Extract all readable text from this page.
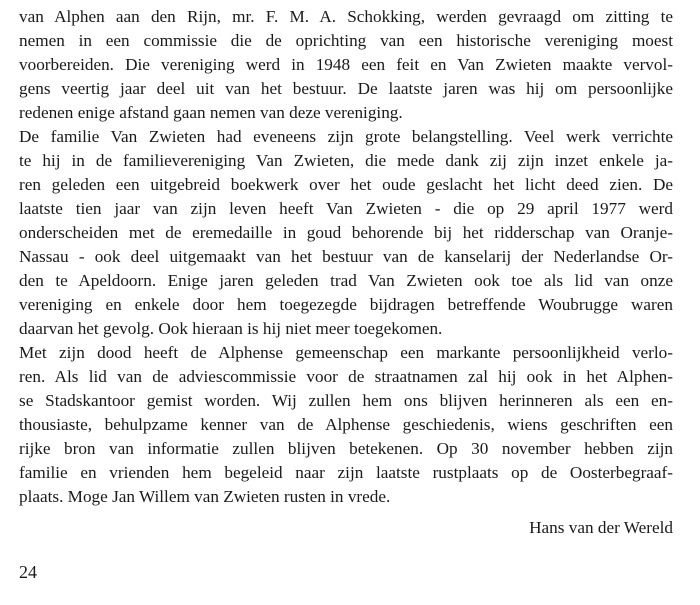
van Alphen aan den Rijn, mr. F. M. A. Schokking, werden gevraagd om zitting te
nemen in een commissie die de oprichting van een historische vereniging moest
voorbereiden. Die vereniging werd in 1948 een feit en Van Zwieten maakte vervol-
gens veertig jaar deel uit van het bestuur. De laatste jaren was hij om persoonlijke
redenen enige afstand gaan nemen van deze vereniging.
De familie Van Zwieten had eveneens zijn grote belangstelling. Veel werk verrichte
te hij in de familievereniging Van Zwieten, die mede dank zij zijn inzet enkele ja-
ren geleden een uitgebreid boekwerk over het oude geslacht het licht deed zien. De
laatste tien jaar van zijn leven heeft Van Zwieten - die op 29 april 1977 werd
onderscheiden met de eremedaille in goud behorende bij het ridderschap van Oranje-
Nassau - ook deel uitgemaakt van het bestuur van de kanselarij der Nederlandse Or-
den te Apeldoorn. Enige jaren geleden trad Van Zwieten ook toe als lid van onze
vereniging en enkele door hem toegezegde bijdragen betreffende Woubrugge waren
daarvan het gevolg. Ook hieraan is hij niet meer toegekomen.
Met zijn dood heeft de Alphense gemeenschap een markante persoonlijkheid verlo-
ren. Als lid van de adviescommissie voor de straatnamen zal hij ook in het Alphen-
se Stadskantoor gemist worden. Wij zullen hem ons blijven herinneren als een en-
thousiaste, behulpzame kenner van de Alphense geschiedenis, wiens geschriften een
rijke bron van informatie zullen blijven betekenen. Op 30 november hebben zijn
familie en vrienden hem begeleid naar zijn laatste rustplaats op de Oosterbegraaf-
plaats. Moge Jan Willem van Zwieten rusten in vrede.
Hans van der Wereld
24
